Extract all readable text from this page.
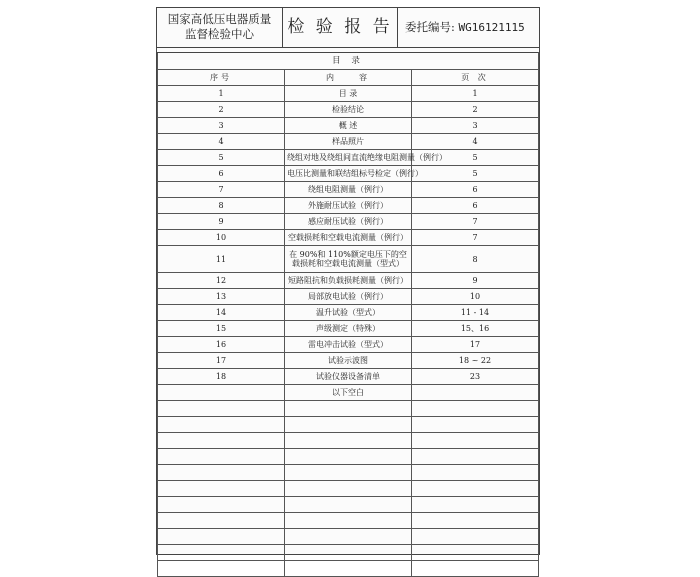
国家高低压电器质量
监督检验中心	检 验 报 告	委托编号: WG16121115
目 录		
序号	内　　容	页 次
1	目 录	1
2	检验结论	2
3	概 述	3
4	样品照片	4
5	绕组对地及绕组间直流绝缘电阻测量（例行）	5
6	电压比测量和联结组标号检定（例行）	5
7	绕组电阻测量（例行）	6
8	外施耐压试验（例行）	6
9	感应耐压试验（例行）	7
10	空载损耗和空载电流测量（例行）	7
11	在 90%和 110%额定电压下的空载损耗和空载电流测量（型式）	8
12	短路阻抗和负载损耗测量（例行）	9
13	局部放电试验（例行）	10
14	温升试验（型式）	11 - 14
15	声级测定（特殊）	15、16
16	雷电冲击试验（型式）	17
17	试验示波图	18 ~ 22
18	试验仪器设备清单	23
	以下空白	
